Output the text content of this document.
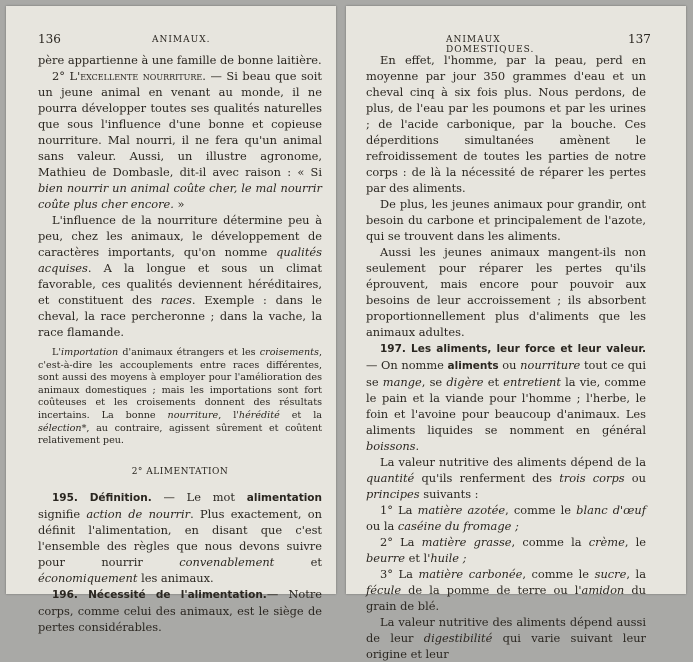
136	ANIMAUX.

père appartienne à une famille de bonne laitière.

2° L'excellente nourriture. — Si beau que soit un jeune animal en venant au monde, il ne pourra développer toutes ses qualités naturelles que sous l'influence d'une bonne et copieuse nourriture. Mal nourri, il ne fera qu'un animal sans valeur. Aussi, un illustre agronome, Mathieu de Dombasle, dit-il avec raison : « Si bien nourrir un animal coûte cher, le mal nourrir coûte plus cher encore. »

L'influence de la nourriture détermine peu à peu, chez les animaux, le développement de caractères importants, qu'on nomme qualités acquises. A la longue et sous un climat favorable, ces qualités deviennent héréditaires, et constituent des races. Exemple : dans le cheval, la race percheronne ; dans la vache, la race flamande.

L'importation d'animaux étrangers et les croisements, c'est-à-dire les accouplements entre races différentes, sont aussi des moyens à employer pour l'amélioration des animaux domestiques ; mais les importations sont fort coûteuses et les croisements donnent des résultats incertains. La bonne nourriture, l'hérédité et la sélection*, au contraire, agissent sûrement et coûtent relativement peu.

2° ALIMENTATION

195. Définition. — Le mot alimentation signifie action de nourrir. Plus exactement, on définit l'alimentation, en disant que c'est l'ensemble des règles que nous devons suivre pour nourrir convenablement et économiquement les animaux.

196. Nécessité de l'alimentation.— Notre corps, comme celui des animaux, est le siège de pertes considérables.

ANIMAUX DOMESTIQUES.
137

En effet, l'homme, par la peau, perd en moyenne par jour 350 grammes d'eau et un cheval cinq à six fois plus. Nous perdons, de plus, de l'eau par les poumons et par les urines ; de l'acide carbonique, par la bouche. Ces déperditions simultanées amènent le refroidissement de toutes les parties de notre corps : de là la nécessité de réparer les pertes par des aliments.

De plus, les jeunes animaux pour grandir, ont besoin du carbone et principalement de l'azote, qui se trouvent dans les aliments.

Aussi les jeunes animaux mangent-ils non seulement pour réparer les pertes qu'ils éprouvent, mais encore pour pouvoir aux besoins de leur accroissement ; ils absorbent proportionnellement plus d'aliments que les animaux adultes.

197. Les aliments, leur force et leur valeur. — On nomme aliments ou nourriture tout ce qui se mange, se digère et entretient la vie, comme le pain et la viande pour l'homme ; l'herbe, le foin et l'avoine pour beaucoup d'animaux. Les aliments liquides se nomment en général boissons.

La valeur nutritive des aliments dépend de la quantité qu'ils renferment des trois corps ou principes suivants :

1° La matière azotée, comme le blanc d'œuf ou la caséine du fromage ;

2° La matière grasse, comme la crème, le beurre et l'huile ;

3° La matière carbonée, comme le sucre, la fécule de la pomme de terre ou l'amidon du grain de blé.

La valeur nutritive des aliments dépend aussi de leur digestibilité qui varie suivant leur origine et leur
